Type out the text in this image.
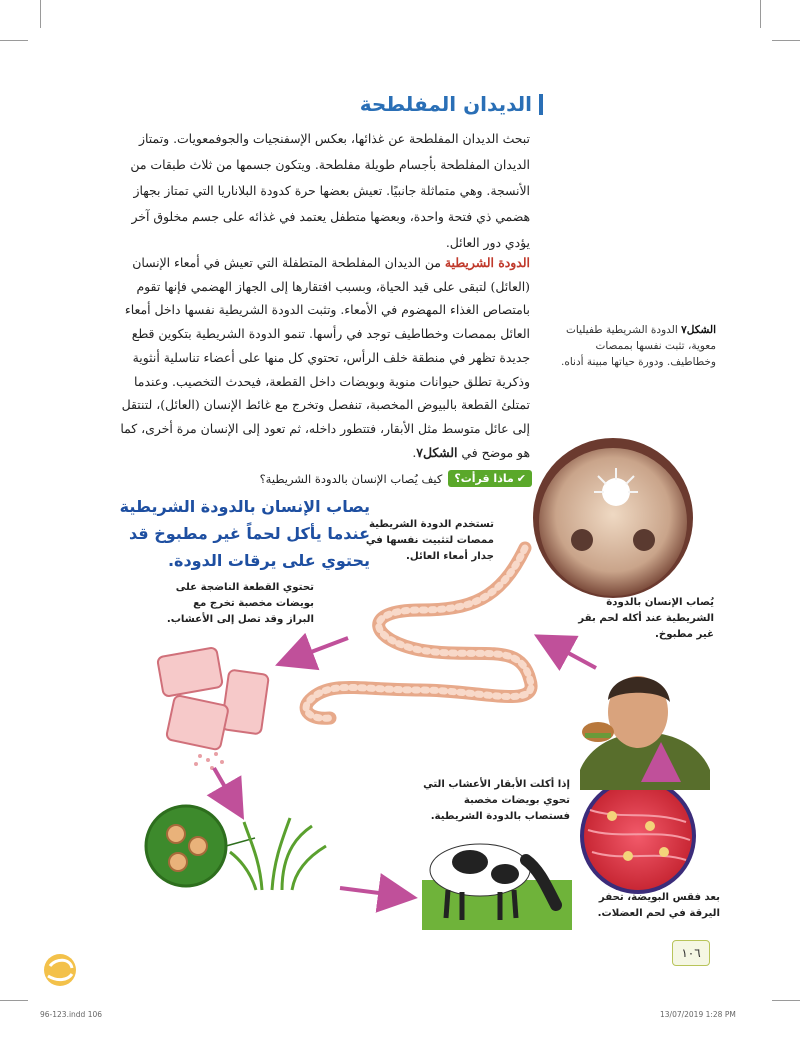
الديدان المفلطحة
تبحث الديدان المفلطحة عن غذائها، بعكس الإسفنجيات والجوفمعويات. وتمتاز الديدان المفلطحة بأجسام طويلة مفلطحة. ويتكون جسمها من ثلاث طبقات من الأنسجة. وهي متماثلة جانبيًا. تعيش بعضها حرة كدودة البلاناريا التي تمتاز بجهاز هضمي ذي فتحة واحدة، وبعضها متطفل يعتمد في غذائه على جسم مخلوق آخر يؤدي دور العائل.
الدودة الشريطية من الديدان المفلطحة المتطفلة التي تعيش في أمعاء الإنسان (العائل) لتبقى على قيد الحياة، وبسبب افتقارها إلى الجهاز الهضمي فإنها تقوم بامتصاص الغذاء المهضوم في الأمعاء. وتثبت الدودة الشريطية نفسها داخل أمعاء العائل بممصات وخطاطيف توجد في رأسها. تنمو الدودة الشريطية بتكوين قطع جديدة تظهر في منطقة خلف الرأس، تحتوي كل منها على أعضاء تناسلية أنثوية وذكرية تطلق حيوانات منوية وبويضات داخل القطعة، فيحدث التخصيب. وعندما تمتلئ القطعة بالبيوض المخصبة، تنفصل وتخرج مع غائط الإنسان (العائل)، لتنتقل إلى عائل متوسط مثل الأبقار، فتتطور داخله، ثم تعود إلى الإنسان مرة أخرى، كما هو موضح في الشكل٧.
الشكل٧ الدودة الشريطية طفيليات معوية، تثبت نفسها بممصات وخطاطيف. ودورة حياتها مبينة أدناه.
✔
ماذا قرأت؟
كيف يُصاب الإنسان بالدودة الشريطية؟
يصاب الإنسان بالدودة الشريطية عندما يأكل لحماً غير مطبوخ قد يحتوي على يرقات الدودة.
تستخدم الدودة الشريطية ممصات لتثبيت نفسها في جدار أمعاء العائل.
تحتوي القطعة الناضجة على بويضات مخصبة تخرج مع البراز وقد تصل إلى الأعشاب.
يُصاب الإنسان بالدودة الشريطية عند أكله لحم بقر غير مطبوخ.
إذا أكلت الأبقار الأعشاب التي تحوي بويضات مخصبة فستصاب بالدودة الشريطية.
بعد فقس البويضة، تحفر اليرقة في لحم العضلات.
١٠٦
96-123.indd 106	13/07/2019 1:28 PM
